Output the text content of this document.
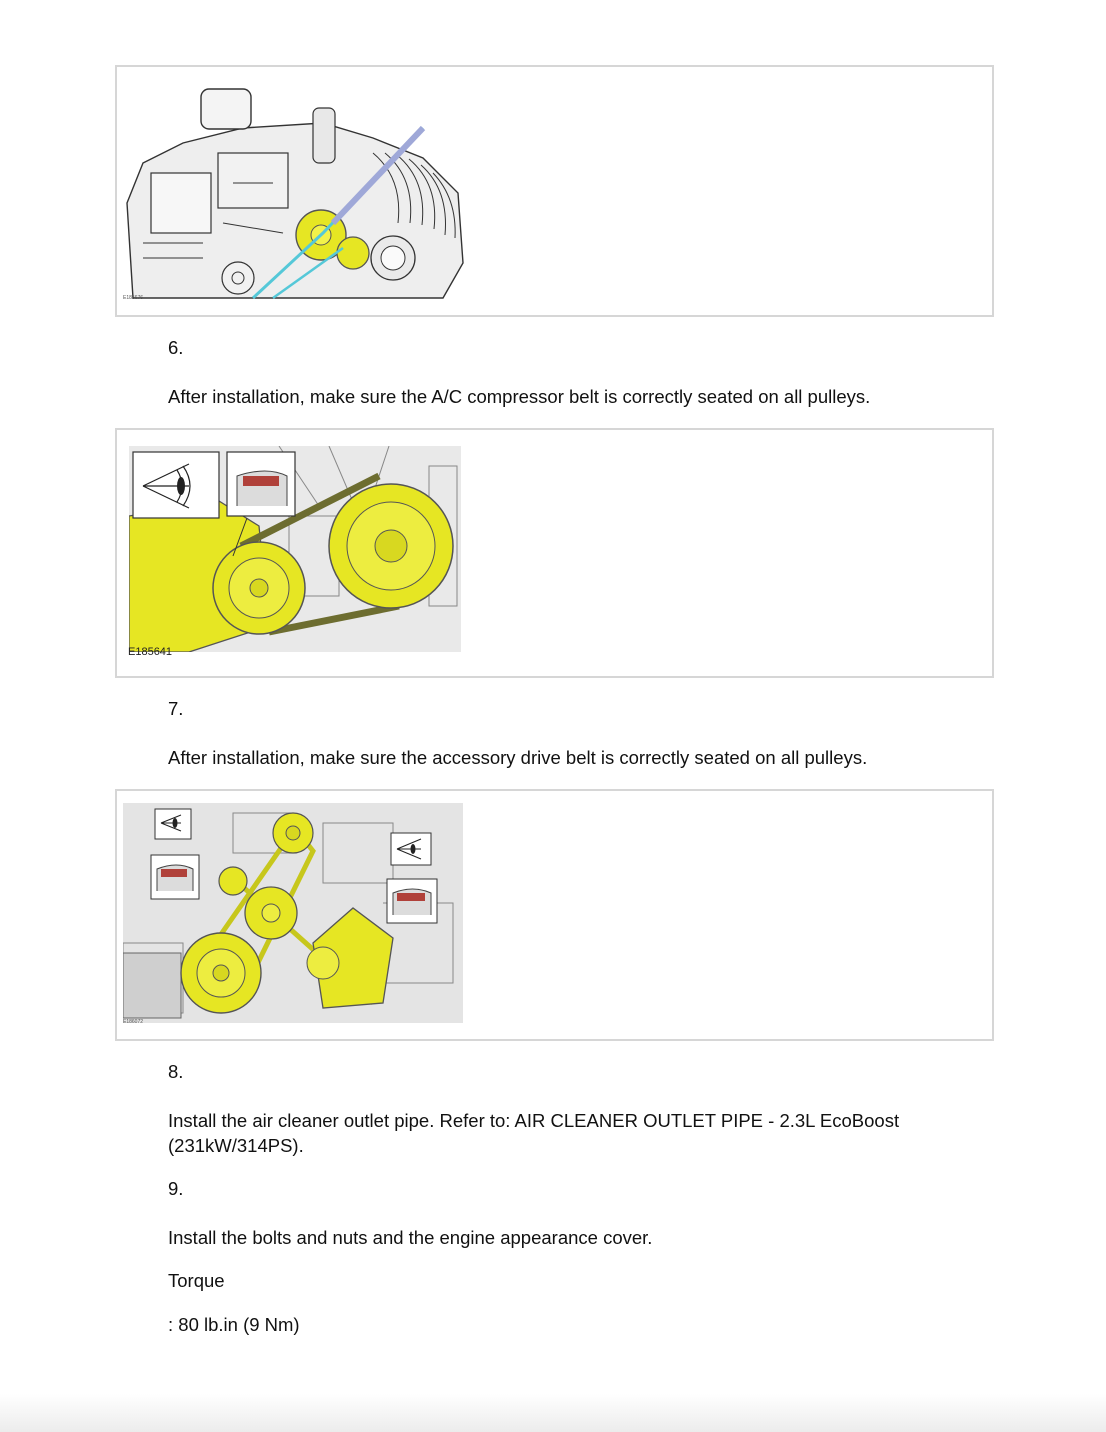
E185676
6.
After installation, make sure the A/C compressor belt is correctly seated on all pulleys.
E185641
7.
After installation, make sure the accessory drive belt is correctly seated on all pulleys.
E186072
8.
Install the air cleaner outlet pipe. Refer to: AIR CLEANER OUTLET PIPE - 2.3L EcoBoost (231kW/314PS).
9.
Install the bolts and nuts and the engine appearance cover.
Torque
: 80 lb.in (9 Nm)
